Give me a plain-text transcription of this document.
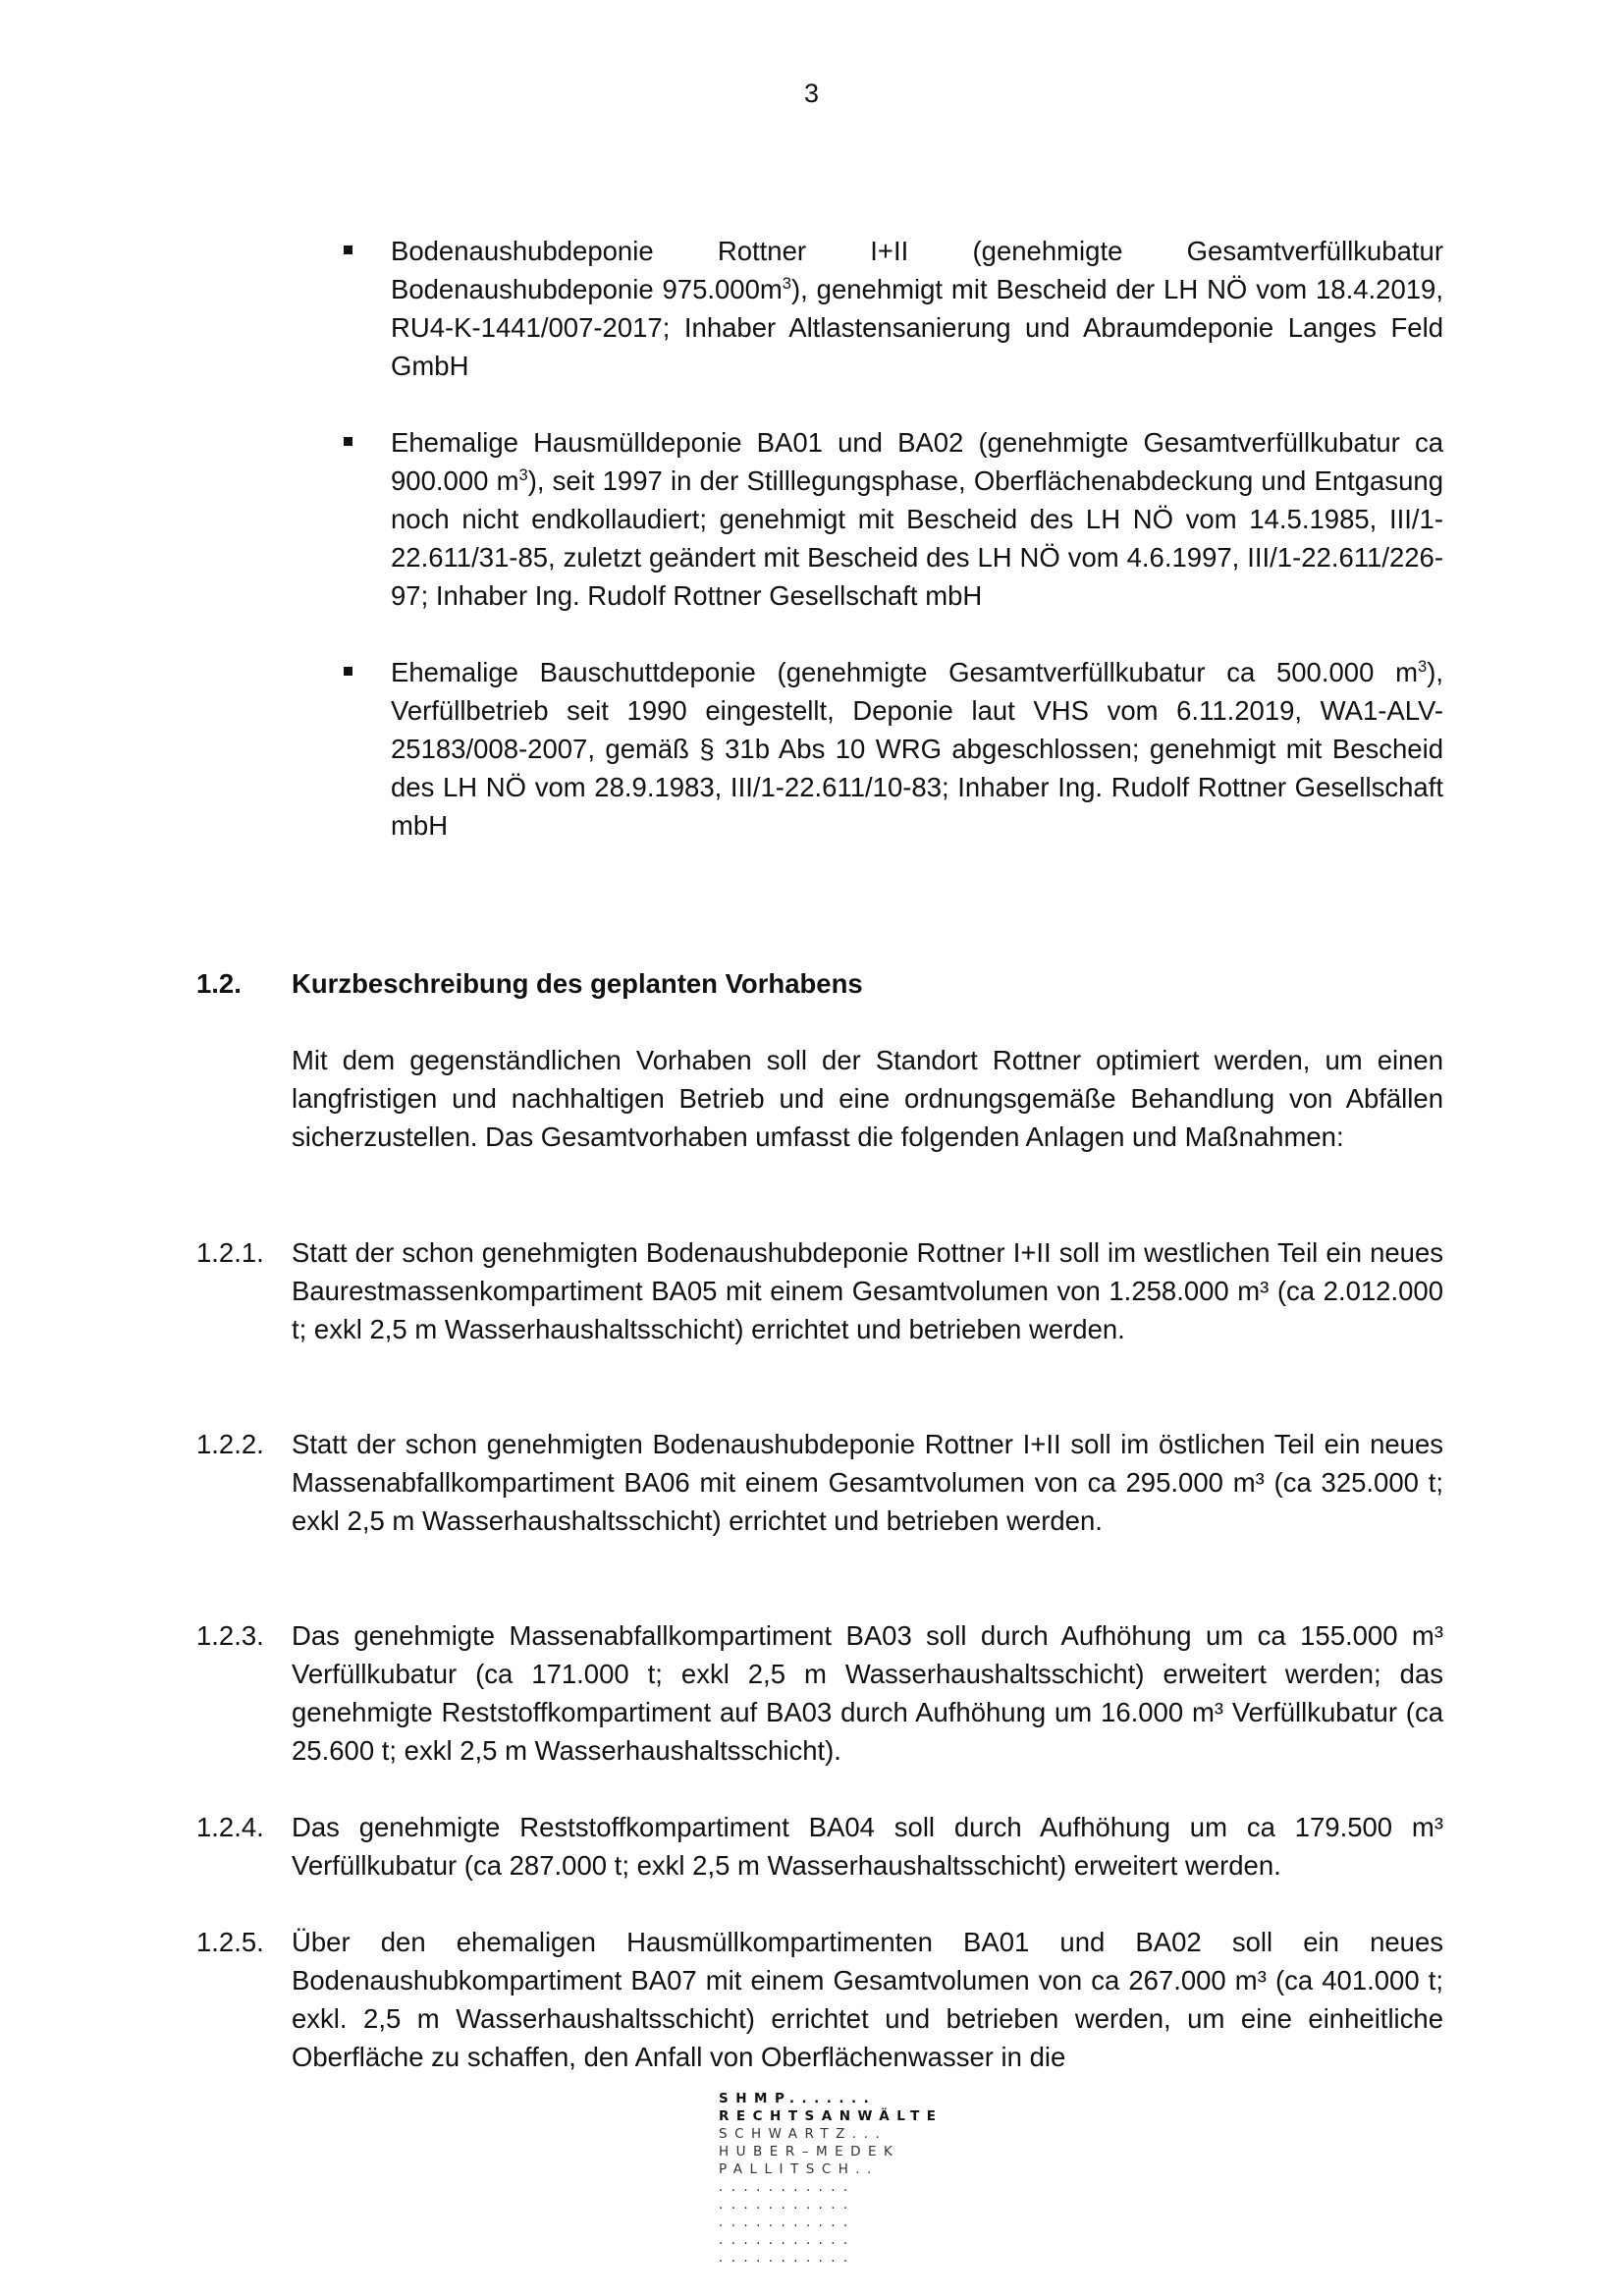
3
Bodenaushubdeponie Rottner I+II (genehmigte Gesamtverfüllkubatur Bodenaushubdeponie $975.000m^3$), genehmigt mit Bescheid der LH NÖ vom 18.4.2019, RU4-K-1441/007-2017; Inhaber Altlastensanierung und Abraumdeponie Langes Feld GmbH
Ehemalige Hausmülldeponie BA01 und BA02 (genehmigte Gesamtverfüllkubatur ca 900.000 $m^3$), seit 1997 in der Stilllegungsphase, Oberflächenabdeckung und Entgasung noch nicht endkollaudiert; genehmigt mit Bescheid des LH NÖ vom 14.5.1985, III/1-22.611/31-85, zuletzt geändert mit Bescheid des LH NÖ vom 4.6.1997, III/1-22.611/226-97; Inhaber Ing. Rudolf Rottner Gesellschaft mbH
Ehemalige Bauschuttdeponie (genehmigte Gesamtverfüllkubatur ca 500.000 $m^3$), Verfüllbetrieb seit 1990 eingestellt, Deponie laut VHS vom 6.11.2019, WA1-ALV-25183/008-2007, gemäß § 31b Abs 10 WRG abgeschlossen; genehmigt mit Bescheid des LH NÖ vom 28.9.1983, III/1-22.611/10-83; Inhaber Ing. Rudolf Rottner Gesellschaft mbH
1.2. Kurzbeschreibung des geplanten Vorhabens
Mit dem gegenständlichen Vorhaben soll der Standort Rottner optimiert werden, um einen langfristigen und nachhaltigen Betrieb und eine ordnungsgemäße Behandlung von Abfällen sicherzustellen. Das Gesamtvorhaben umfasst die folgenden Anlagen und Maßnahmen:
1.2.1. Statt der schon genehmigten Bodenaushubdeponie Rottner I+II soll im westlichen Teil ein neues Baurestmassenkompartiment BA05 mit einem Gesamtvolumen von 1.258.000 m³ (ca 2.012.000 t; exkl 2,5 m Wasserhaushaltsschicht) errichtet und betrieben werden.
1.2.2. Statt der schon genehmigten Bodenaushubdeponie Rottner I+II soll im östlichen Teil ein neues Massenabfallkompartiment BA06 mit einem Gesamtvolumen von ca 295.000 m³ (ca 325.000 t; exkl 2,5 m Wasserhaushaltsschicht) errichtet und betrieben werden.
1.2.3. Das genehmigte Massenabfallkompartiment BA03 soll durch Aufhöhung um ca 155.000 m³ Verfüllkubatur (ca 171.000 t; exkl 2,5 m Wasserhaushaltsschicht) erweitert werden; das genehmigte Reststoffkompartiment auf BA03 durch Aufhöhung um 16.000 m³ Verfüllkubatur (ca 25.600 t; exkl 2,5 m Wasserhaushaltsschicht).
1.2.4. Das genehmigte Reststoffkompartiment BA04 soll durch Aufhöhung um ca 179.500 m³ Verfüllkubatur (ca 287.000 t; exkl 2,5 m Wasserhaushaltsschicht) erweitert werden.
1.2.5. Über den ehemaligen Hausmüllkompartimenten BA01 und BA02 soll ein neues Bodenaushubkompartiment BA07 mit einem Gesamtvolumen von ca 267.000 m³ (ca 401.000 t; exkl. 2,5 m Wasserhaushaltsschicht) errichtet und betrieben werden, um eine einheitliche Oberfläche zu schaffen, den Anfall von Oberflächenwasser in die
SHMP.......
RECHTSANWÄLTE
SCHWARTZ...
HUBER–MEDEK
PALLITSCH..
...........
...........
...........
...........
...........
